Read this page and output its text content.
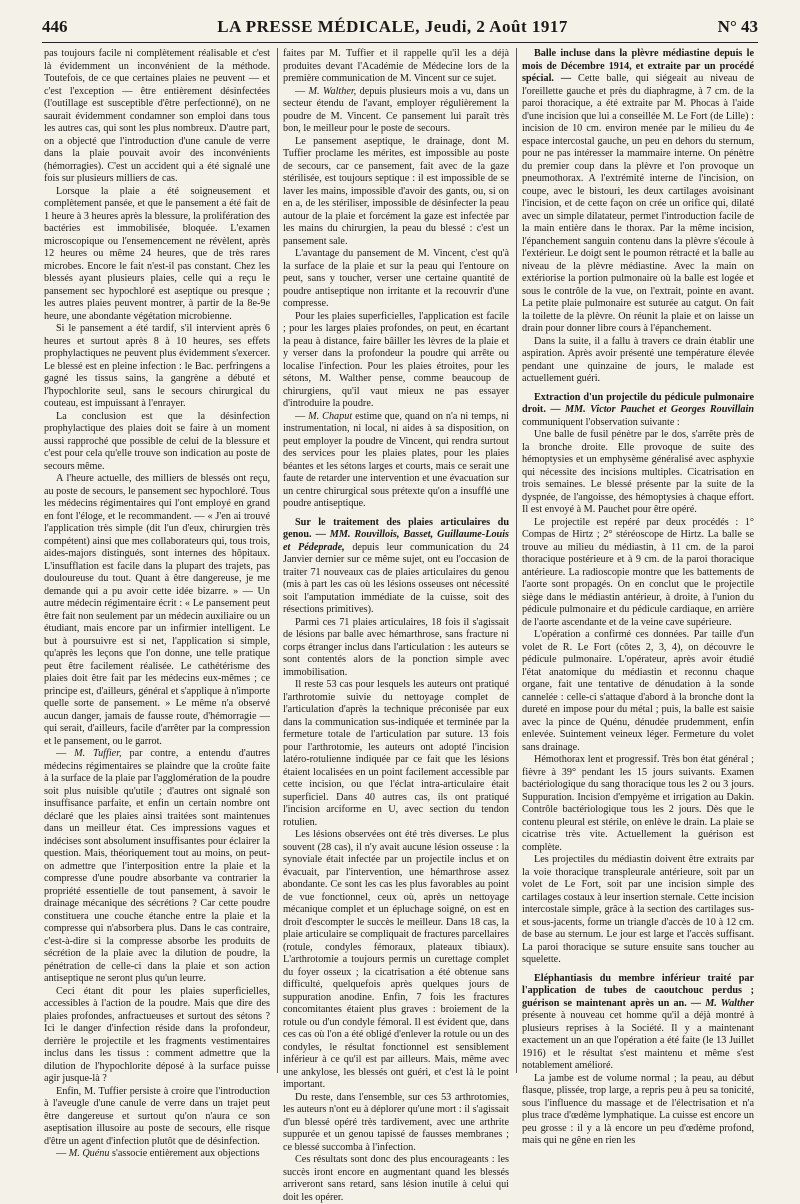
446	LA PRESSE MÉDICALE, Jeudi, 2 Août 1917	N° 43

pas toujours facile ni complètement réalisable et c'est là évidemment un inconvénient de la méthode. Toutefois, de ce que certaines plaies ne peuvent — et c'est l'exception — être entièrement désinfectées (l'outillage est susceptible d'être perfectionné), on ne saurait évidemment condamner son emploi dans tous les autres cas, qui sont les plus nombreux. D'autre part, on a objecté que l'introduction d'une canule de verre dans la plaie pouvait avoir des inconvénients (hémorragies). C'est un accident qui a été signalé une fois sur plusieurs milliers de cas.

Lorsque la plaie a été soigneusement et complètement pansée, et que le pansement a été fait de 1 heure à 3 heures après la blessure, la prolifération des bactéries est immobilisée, bloquée. L'examen microscopique ou l'ensemencement ne révèlent, après 12 heures ou même 24 heures, que de très rares microbes. Encore le fait n'est-il pas constant. Chez les blessés ayant plusieurs plaies, celle qui a reçu le pansement sec hypochloré est aseptique ou presque ; les autres plaies peuvent montrer, à partir de la 8e-9e heure, une abondante végétation microbienne.

Si le pansement a été tardif, s'il intervient après 6 heures et surtout après 8 à 10 heures, ses effets prophylactiques ne peuvent plus évidemment s'exercer. Le blessé est en pleine infection : le Bac. perfringens a gagné les tissus sains, la gangrène a débuté et l'hypochlorite seul, sans le secours chirurgical du couteau, est impuissant à l'enrayer.

La conclusion est que la désinfection prophylactique des plaies doit se faire à un moment aussi rapproché que possible de celui de la blessure et c'est pour cela qu'elle trouve son indication au poste de secours même.

A l'heure actuelle, des milliers de blessés ont reçu, au poste de secours, le pansement sec hypochloré. Tous les médecins régimentaires qui l'ont employé en grand en font l'éloge, et le recommandent. — « J'en ai trouvé l'application très simple (dit l'un d'eux, chirurgien très compétent) ainsi que mes collaborateurs qui, tous trois, aides-majors distingués, sont internes des hôpitaux. L'insufflation est facile dans la plupart des trajets, pas douloureuse du tout. Quant à être dangereuse, je me demande qui a pu avoir cette idée bizarre. » — Un autre médecin régimentaire écrit : « Le pansement peut être fait non seulement par un médecin auxiliaire ou un étudiant, mais encore par un infirmier intelligent. Le but à poursuivre est si net, l'application si simple, qu'après les leçons que l'on donne, une telle pratique peut être facilement réalisée. Le cathétérisme des plaies doit être fait par les médecins eux-mêmes ; ce principe est, d'ailleurs, général et s'applique à n'importe quelle sorte de pansement. » Le même n'a observé aucun danger, jamais de fausse route, d'hémorragie — qui serait, d'ailleurs, facile d'arrêter par la compression et le pansement, ou le garrot.

— M. Tuffier, par contre, a entendu d'autres médecins régimentaires se plaindre que la croûte faite à la surface de la plaie par l'agglomération de la poudre soit plus nuisible qu'utile ; d'autres ont signalé son insuffisance parfaite, et enfin un certain nombre ont déclaré que les plaies ainsi traitées sont maintenues dans un meilleur état. Ces impressions vagues et indécises sont absolument insuffisantes pour éclairer la question. Mais, théoriquement tout au moins, on peut-on admettre que l'interposition entre la plaie et la compresse d'une poudre absorbante va contrarier la propriété essentielle de tout pansement, à savoir le drainage mécanique des sécrétions ? Car cette poudre constituera une couche étanche entre la plaie et la compresse qui n'absorbera plus. Dans le cas contraire, c'est-à-dire si la compresse absorbe les produits de sécrétion de la plaie avec la dilution de poudre, la pénétration de celle-ci dans la plaie et son action antiseptique ne seront plus qu'un leurre.

Ceci étant dit pour les plaies superficielles, accessibles à l'action de la poudre. Mais que dire des plaies profondes, anfractueuses et surtout des sétons ? Ici le danger d'infection réside dans la profondeur, derrière le projectile et les fragments vestimentaires inclus dans les tissus : comment admettre que la dilution de l'hypochlorite déposé à la surface puisse agir jusque-là ?

Enfin, M. Tuffier persiste à croire que l'introduction à l'aveugle d'une canule de verre dans un trajet peut être dangereuse et surtout qu'on n'aura ce son aseptisation illusoire au poste de secours, elle risque d'être un agent d'infection plutôt que de désinfection.

— M. Quénu s'associe entièrement aux objections

faites par M. Tuffier et il rappelle qu'il les a déjà produites devant l'Académie de Médecine lors de la première communication de M. Vincent sur ce sujet.

— M. Walther, depuis plusieurs mois a vu, dans un secteur étendu de l'avant, employer régulièrement la poudre de M. Vincent. Ce pansement lui paraît très bon, le meilleur pour le poste de secours.

Le pansement aseptique, le drainage, dont M. Tuffier proclame les mérites, est impossible au poste de secours, car ce pansement, fait avec de la gaze stérilisée, est toujours septique : il est impossible de se laver les mains, impossible d'avoir des gants, ou, si on en a, de les stériliser, impossible de désinfecter la peau autour de la plaie et forcément la gaze est infectée par les mains du chirurgien, la peau du blessé : c'est un pansement sale.

L'avantage du pansement de M. Vincent, c'est qu'à la surface de la plaie et sur la peau qui l'entoure on peut, sans y toucher, verser une certaine quantité de poudre antiseptique non irritante et la recouvrir d'une compresse.

Pour les plaies superficielles, l'application est facile ; pour les larges plaies profondes, on peut, en écartant la peau à distance, faire bâiller les lèvres de la plaie et y verser dans la profondeur la poudre qui arrête ou localise l'infection. Pour les plaies étroites, pour les sétons, M. Walther pense, comme beaucoup de chirurgiens, qu'il vaut mieux ne pas essayer d'introduire la poudre.

— M. Chaput estime que, quand on n'a ni temps, ni instrumentation, ni local, ni aides à sa disposition, on peut employer la poudre de Vincent, qui rendra surtout des services pour les plaies plates, pour les plaies béantes et les sétons larges et courts, mais ce serait une faute de retarder une intervention et une évacuation sur un centre chirurgical sous prétexte qu'on a insufflé une poudre antiseptique.

Sur le traitement des plaies articulaires du genou. — MM. Rouvillois, Basset, Guillaume-Louis et Pédeprade, depuis leur communication du 24 Janvier dernier sur ce même sujet, ont eu l'occasion de traiter 71 nouveaux cas de plaies articulaires du genou (mis à part les cas où les lésions osseuses ont nécessité soit l'amputation immédiate de la cuisse, soit des résections primitives).

Parmi ces 71 plaies articulaires, 18 fois il s'agissait de lésions par balle avec hémarthrose, sans fracture ni corps étranger inclus dans l'articulation : les auteurs se sont contentés alors de la ponction simple avec immobilisation.

Il reste 53 cas pour lesquels les auteurs ont pratiqué l'arthrotomie suivie du nettoyage complet de l'articulation d'après la technique préconisée par eux dans la communication sus-indiquée et terminée par la fermeture totale de l'articulation par suture. 13 fois pour l'arthrotomie, les auteurs ont adopté l'incision latéro-rotulienne indiquée par ce fait que les lésions étaient localisées en un point facilement accessible par cette incision, ou que l'éclat intra-articulaire était superficiel. Dans 40 autres cas, ils ont pratiqué l'incision arciforme en U, avec section du tendon rotulien.

Les lésions observées ont été très diverses. Le plus souvent (28 cas), il n'y avait aucune lésion osseuse : la synoviale était infectée par un projectile inclus et on évacuait, par l'intervention, une hémarthrose assez abondante. Ce sont les cas les plus favorables au point de vue fonctionnel, ceux où, après un nettoyage mécanique complet et un épluchage soigné, on est en droit d'escompter le succès le meilleur. Dans 18 cas, la plaie articulaire se compliquait de fractures parcellaires (rotule, condyles fémoraux, plateaux tibiaux). L'arthrotomie a toujours permis un curettage complet du foyer osseux ; la cicatrisation a été obtenue sans difficulté, quelquefois après quelques jours de suppuration anodine. Enfin, 7 fois les fractures concomitantes étaient plus graves : broiement de la rotule ou d'un condyle fémoral. Il est évident que, dans ces cas où l'on a été obligé d'enlever la rotule ou un des condyles, le résultat fonctionnel est sensiblement inférieur à ce qu'il est par ailleurs. Mais, même avec une ankylose, les blessés ont guéri, et c'est là le point important.

Du reste, dans l'ensemble, sur ces 53 arthrotomies, les auteurs n'ont eu à déplorer qu'une mort : il s'agissait d'un blessé opéré très tardivement, avec une arthrite suppurée et un genou tapissé de fausses membranes ; ce blessé succomba à l'infection.

Ces résultats sont donc des plus encourageants : les succès iront encore en augmentant quand les blessés arriveront sans retard, sans lésion inutile à celui qui doit les opérer.

Balle incluse dans la plèvre médiastine depuis le mois de Décembre 1914, et extraite par un procédé spécial. — Cette balle, qui siégeait au niveau de l'oreillette gauche et près du diaphragme, à 7 cm. de la paroi thoracique, a été extraite par M. Phocas à l'aide d'une incision que lui a conseillée M. Le Fort (de Lille) : incision de 10 cm. environ menée par le milieu du 4e espace intercostal gauche, un peu en dehors du sternum, pour ne pas intéresser la mammaire interne. On pénètre du premier coup dans la plèvre et l'on provoque un pneumothorax. A l'extrémité interne de l'incision, on coupe, avec le bistouri, les deux cartilages avoisinant l'incision, et de cette façon on crée un orifice qui, dilaté avec un simple dilatateur, permet l'introduction facile de la main entière dans le thorax. Par la même incision, l'épanchement sanguin contenu dans la plèvre s'écoule à l'extérieur. Le doigt sent le poumon rétracté et la balle au niveau de la plèvre médiastine. Avec la main on extériorise la portion pulmonaire où la balle est logée et sous le contrôle de la vue, on l'extrait, pointe en avant. La petite plaie pulmonaire est suturée au catgut. On fait la toilette de la plèvre. On réunit la plaie et on laisse un drain pour donner libre cours à l'épanchement.

Dans la suite, il a fallu à travers ce drain établir une aspiration. Après avoir présenté une température élevée pendant une quinzaine de jours, le malade est actuellement guéri.

Extraction d'un projectile du pédicule pulmonaire droit. — MM. Victor Pauchet et Georges Rouvillain communiquent l'observation suivante :

Une balle de fusil pénètre par le dos, s'arrête près de la bronche droite. Elle provoque de suite des hémoptysies et un emphysème généralisé avec asphyxie qui nécessite des incisions multiples. Cicatrisation en trois semaines. Le blessé présente par la suite de la dyspnée, de l'angoisse, des hémoptysies à chaque effort. Il est envoyé à M. Pauchet pour être opéré.

Le projectile est repéré par deux procédés : 1° Compas de Hirtz ; 2° stéréoscope de Hirtz. La balle se trouve au milieu du médiastin, à 11 cm. de la paroi thoracique postérieure et à 9 cm. de la paroi thoracique antérieure. La radioscopie montre que les battements de l'aorte sont propagés. On en conclut que le projectile siège dans le médiastin antérieur, à droite, à l'union du pédicule pulmonaire et du pédicule cardiaque, en arrière de l'aorte ascendante et de la veine cave supérieure.

L'opération a confirmé ces données. Par taille d'un volet de R. Le Fort (côtes 2, 3, 4), on découvre le pédicule pulmonaire. L'opérateur, après avoir étudié l'état anatomique du médiastin et reconnu chaque organe, fait une tentative de dénudation à la sonde cannelée : celle-ci s'attaque d'abord à la bronche dont la dureté en impose pour du métal ; puis, la balle est saisie avec la pince de Quénu, dénudée prudemment, enfin enlevée. Suintement veineux léger. Fermeture du volet sans drainage.

Hémothorax lent et progressif. Très bon état général ; fièvre à 39° pendant les 15 jours suivants. Examen bactériologique du sang thoracique tous les 2 ou 3 jours. Suppuration. Incision d'empyème et irrigation au Dakin. Contrôle bactériologique tous les 2 jours. Dès que le contenu pleural est stérile, on enlève le drain. La plaie se cicatrise très vite. Actuellement la guérison est complète.

Les projectiles du médiastin doivent être extraits par la voie thoracique transpleurale antérieure, soit par un volet de Le Fort, soit par une incision simple des cartilages costaux à leur insertion sternale. Cette incision intercostale simple, grâce à la section des cartilages sus- et sous-jacents, forme un triangle d'accès de 10 à 12 cm. de base au sternum. Le jour est large et l'accès suffisant. La paroi thoracique se suture ensuite sans toucher au squelette.

Eléphantiasis du membre inférieur traité par l'application de tubes de caoutchouc perdus ; guérison se maintenant après un an. — M. Walther présente à nouveau cet homme qu'il a déjà montré à plusieurs reprises à la Société. Il y a maintenant exactement un an que l'opération a été faite (le 13 Juillet 1916) et le résultat s'est maintenu et même s'est notablement amélioré.

La jambe est de volume normal ; la peau, au début flasque, plissée, trop large, a repris peu à peu sa tonicité, sous l'influence du massage et de l'électrisation et n'a plus trace d'œdème lymphatique. La cuisse est encore un peu grosse : il y a là encore un peu d'œdème profond, mais qui ne gêne en rien les
